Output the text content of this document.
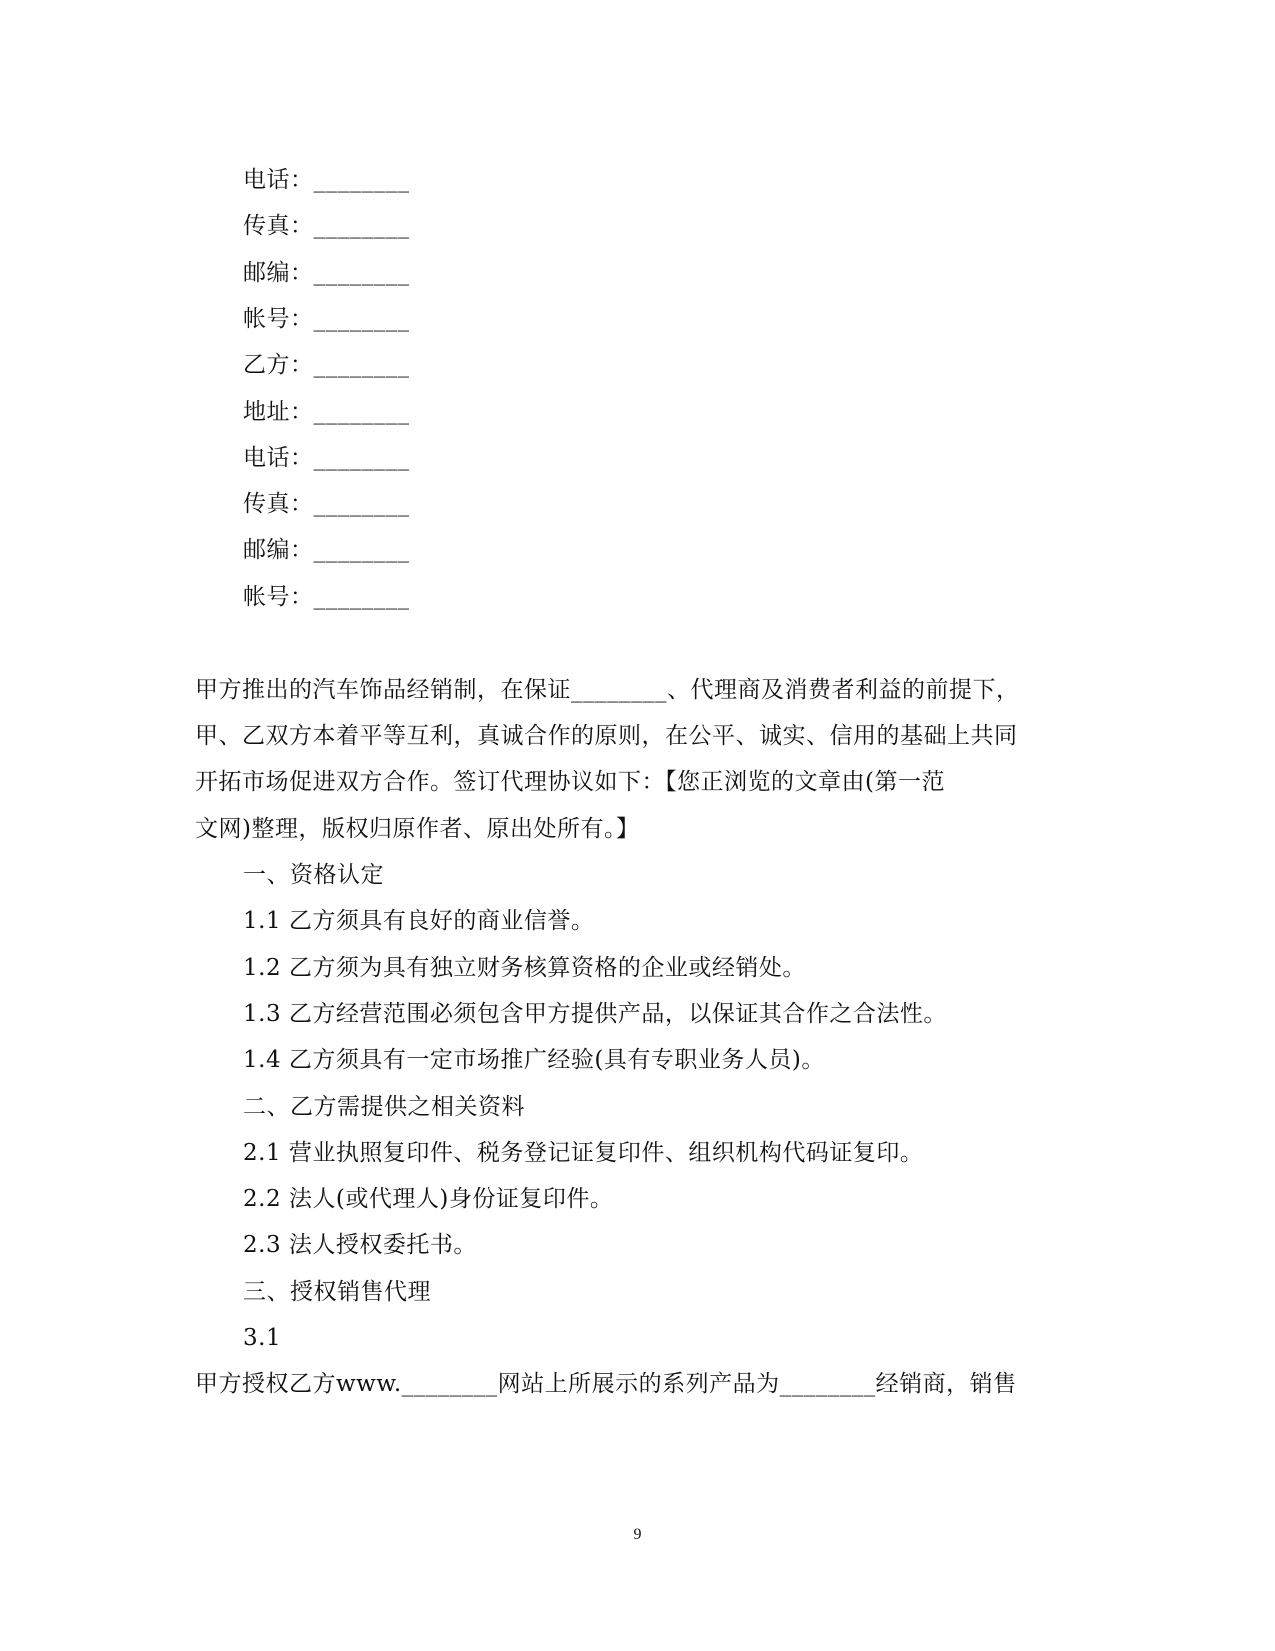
电话：________
传真：________
邮编：________
帐号：________
乙方：________
地址：________
电话：________
传真：________
邮编：________
帐号：________
甲方推出的汽车饰品经销制，在保证________、代理商及消费者利益的前提下，
甲、乙双方本着平等互利，真诚合作的原则，在公平、诚实、信用的基础上共同
开拓市场促进双方合作。签订代理协议如下：【您正浏览的文章由(第一范
文网)整理，版权归原作者、原出处所有。】
一、资格认定
1.1 乙方须具有良好的商业信誉。
1.2 乙方须为具有独立财务核算资格的企业或经销处。
1.3 乙方经营范围必须包含甲方提供产品，以保证其合作之合法性。
1.4 乙方须具有一定市场推广经验(具有专职业务人员)。
二、乙方需提供之相关资料
2.1 营业执照复印件、税务登记证复印件、组织机构代码证复印。
2.2 法人(或代理人)身份证复印件。
2.3 法人授权委托书。
三、授权销售代理
3.1
甲方授权乙方www.________网站上所展示的系列产品为________经销商，销售
9
